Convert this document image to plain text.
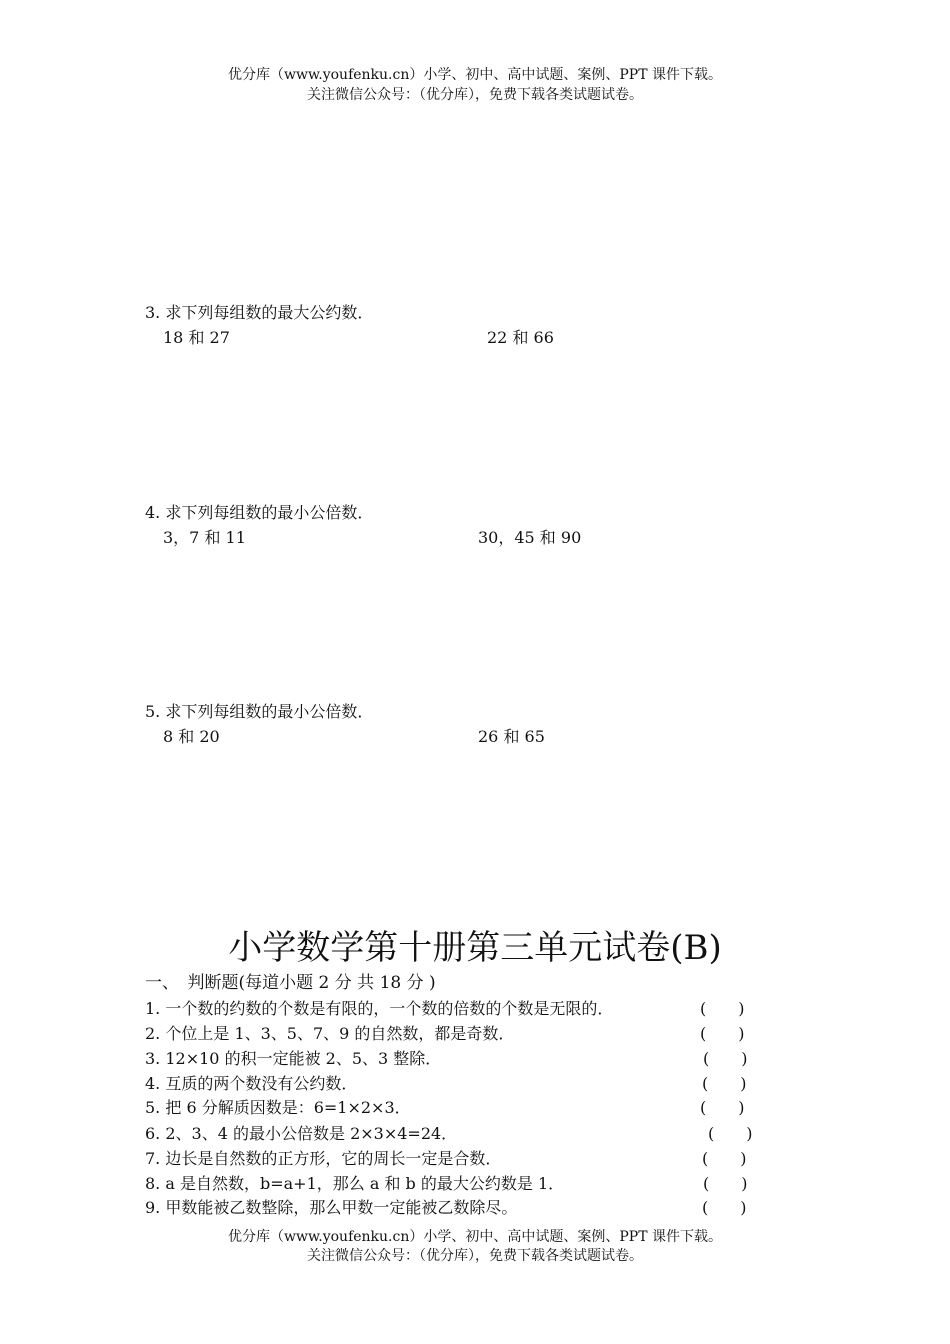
优分库（www.youfenku.cn）小学、初中、高中试题、案例、PPT 课件下载。
关注微信公众号：（优分库），免费下载各类试题试卷。
3. 求下列每组数的最大公约数．
18 和 27	22 和 66
4. 求下列每组数的最小公倍数．
3，7 和 11	30，45 和 90
5. 求下列每组数的最小公倍数．
8 和 20	26 和 65
小学数学第十册第三单元试卷(B)
一、　判断题(每道小题 2 分 共 18 分 )
1. 一个数的约数的个数是有限的，一个数的倍数的个数是无限的．	(　　)
2. 个位上是 1、3、5、7、9 的自然数，都是奇数．	(　　)
3. 12×10 的积一定能被 2、5、3 整除．	(　　)
4. 互质的两个数没有公约数．	(　　)
5. 把 6 分解质因数是：6=1×2×3．	(　　)
6. 2、3、4 的最小公倍数是 2×3×4=24．	(　　)
7. 边长是自然数的正方形，它的周长一定是合数．	(　　)
8. a 是自然数，b=a+1，那么 a 和 b 的最大公约数是 1．	(　　)
9. 甲数能被乙数整除，那么甲数一定能被乙数除尽。	(　　)
优分库（www.youfenku.cn）小学、初中、高中试题、案例、PPT 课件下载。
关注微信公众号：（优分库），免费下载各类试题试卷。
